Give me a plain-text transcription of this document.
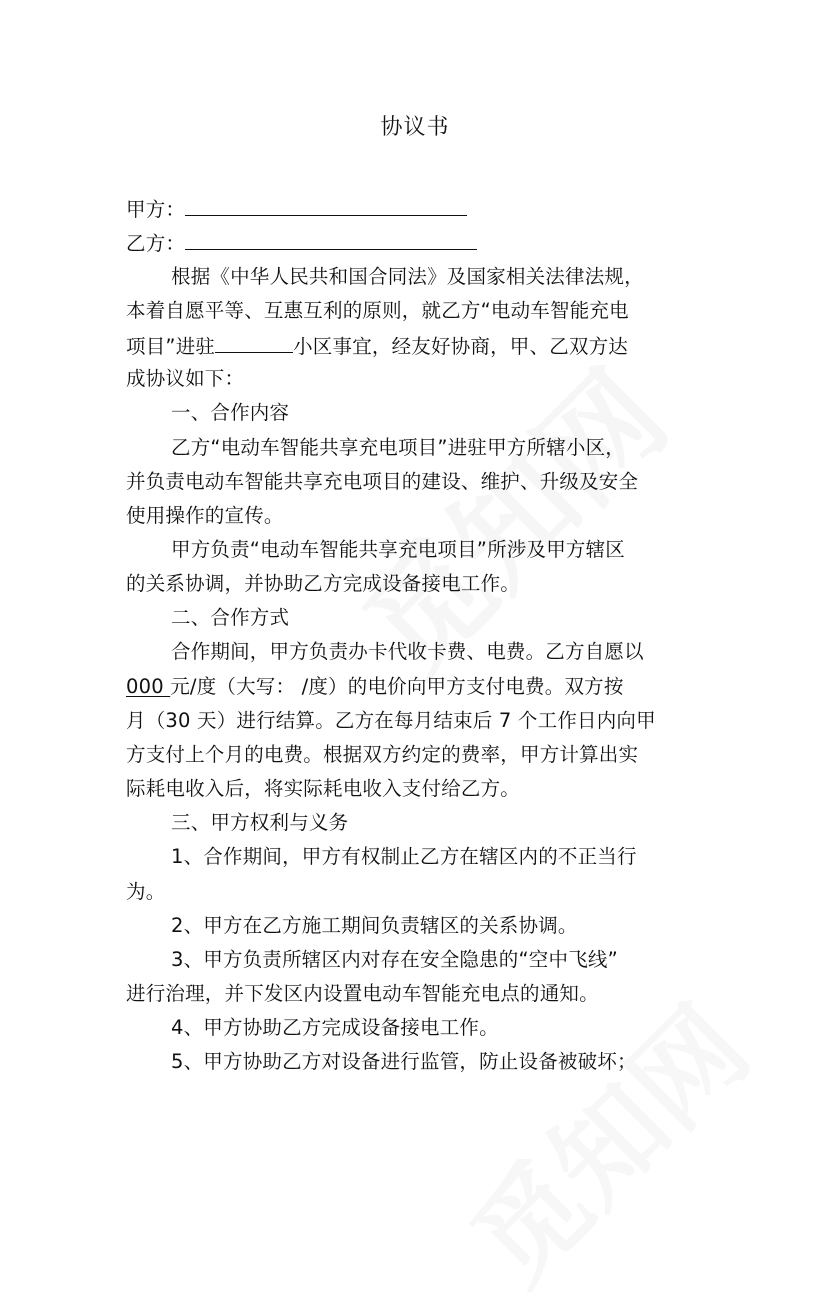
协议书
甲方：
乙方：
根据《中华人民共和国合同法》及国家相关法律法规，
本着自愿平等、互惠互利的原则，就乙方“电动车智能充电
项目”进驻	小区事宜，经友好协商，甲、乙双方达
成协议如下：
一、合作内容
乙方“电动车智能共享充电项目”进驻甲方所辖小区，
并负责电动车智能共享充电项目的建设、维护、升级及安全
使用操作的宣传。
甲方负责“电动车智能共享充电项目”所涉及甲方辖区
的关系协调，并协助乙方完成设备接电工作。
二、合作方式
合作期间，甲方负责办卡代收卡费、电费。乙方自愿以
000 元/度（大写： /度）的电价向甲方支付电费。双方按
月（30 天）进行结算。乙方在每月结束后 7 个工作日内向甲
方支付上个月的电费。根据双方约定的费率，甲方计算出实
际耗电收入后，将实际耗电收入支付给乙方。
三、甲方权利与义务
1、合作期间，甲方有权制止乙方在辖区内的不正当行
为。
2、甲方在乙方施工期间负责辖区的关系协调。
3、甲方负责所辖区内对存在安全隐患的“空中飞线”
进行治理，并下发区内设置电动车智能充电点的通知。
4、甲方协助乙方完成设备接电工作。
5、甲方协助乙方对设备进行监管，防止设备被破坏；
